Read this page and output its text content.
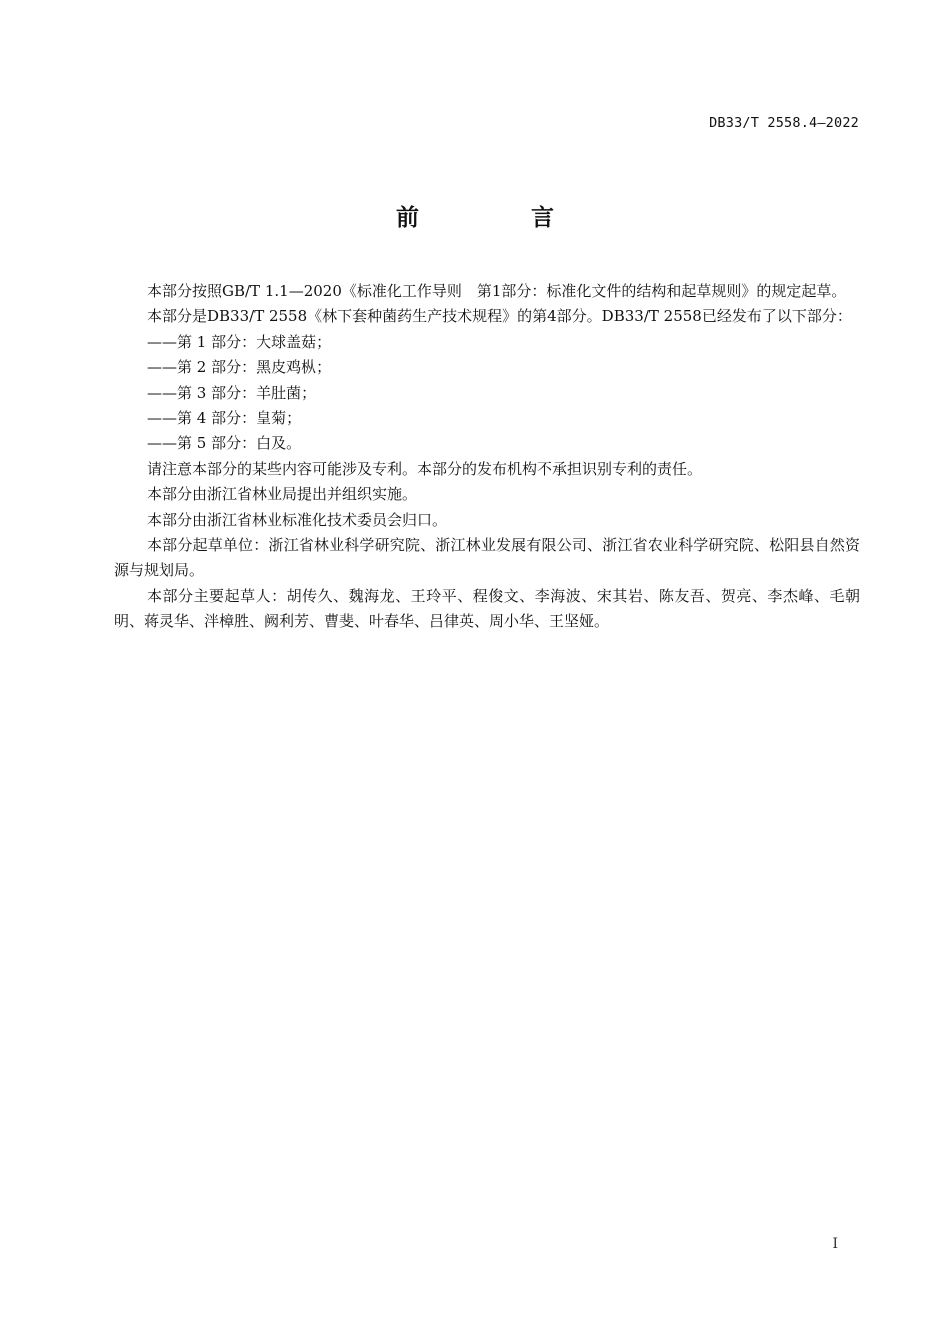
DB33/T 2558.4—2022
前 言

本部分按照GB/T 1.1—2020《标准化工作导则　第1部分：标准化文件的结构和起草规则》的规定起草。

本部分是DB33/T 2558《林下套种菌药生产技术规程》的第4部分。DB33/T 2558已经发布了以下部分：

——第 1 部分：大球盖菇；

——第 2 部分：黑皮鸡枞；

——第 3 部分：羊肚菌；

——第 4 部分：皇菊；

——第 5 部分：白及。

请注意本部分的某些内容可能涉及专利。本部分的发布机构不承担识别专利的责任。

本部分由浙江省林业局提出并组织实施。

本部分由浙江省林业标准化技术委员会归口。

本部分起草单位：浙江省林业科学研究院、浙江林业发展有限公司、浙江省农业科学研究院、松阳县自然资源与规划局。

本部分主要起草人：胡传久、魏海龙、王玲平、程俊文、李海波、宋其岩、陈友吾、贺亮、李杰峰、毛朝明、蒋灵华、泮樟胜、阙利芳、曹斐、叶春华、吕律英、周小华、王坚娅。

I
